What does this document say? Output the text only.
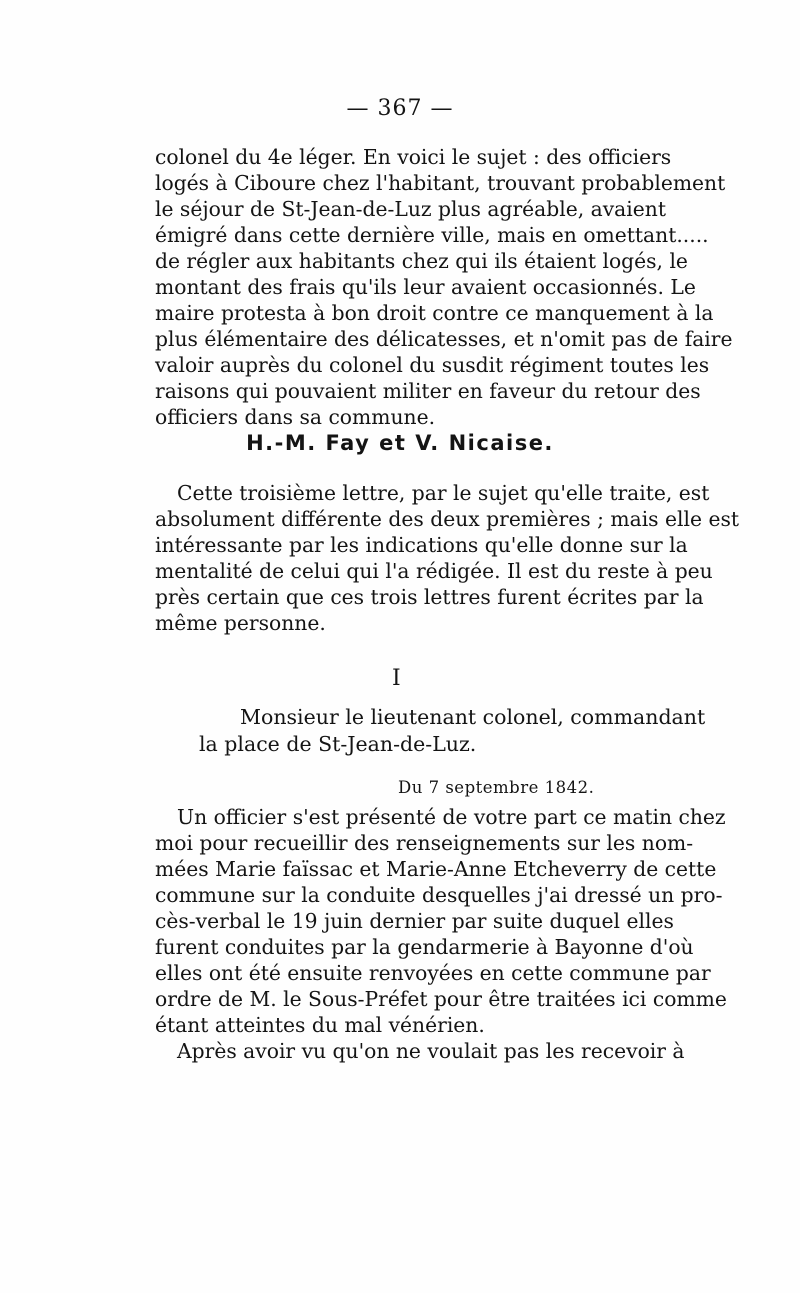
— 367 —
colonel du 4e léger. En voici le sujet : des officiers
logés à Ciboure chez l'habitant, trouvant probablement
le séjour de St-Jean-de-Luz plus agréable, avaient
émigré dans cette dernière ville, mais en omettant.....
de régler aux habitants chez qui ils étaient logés, le
montant des frais qu'ils leur avaient occasionnés. Le
maire protesta à bon droit contre ce manquement à la
plus élémentaire des délicatesses, et n'omit pas de faire
valoir auprès du colonel du susdit régiment toutes les
raisons qui pouvaient militer en faveur du retour des
officiers dans sa commune.
H.-M. Fay et V. Nicaise.
Cette troisième lettre, par le sujet qu'elle traite, est
absolument différente des deux premières ; mais elle est
intéressante par les indications qu'elle donne sur la
mentalité de celui qui l'a rédigée. Il est du reste à peu
près certain que ces trois lettres furent écrites par la
même personne.
I
Monsieur le lieutenant colonel, commandant
la place de St-Jean-de-Luz.
Du 7 septembre 1842.
Un officier s'est présenté de votre part ce matin chez
moi pour recueillir des renseignements sur les nom-
mées Marie faïssac et Marie-Anne Etcheverry de cette
commune sur la conduite desquelles j'ai dressé un pro-
cès-verbal le 19 juin dernier par suite duquel elles
furent conduites par la gendarmerie à Bayonne d'où
elles ont été ensuite renvoyées en cette commune par
ordre de M. le Sous-Préfet pour être traitées ici comme
étant atteintes du mal vénérien.
Après avoir vu qu'on ne voulait pas les recevoir à
